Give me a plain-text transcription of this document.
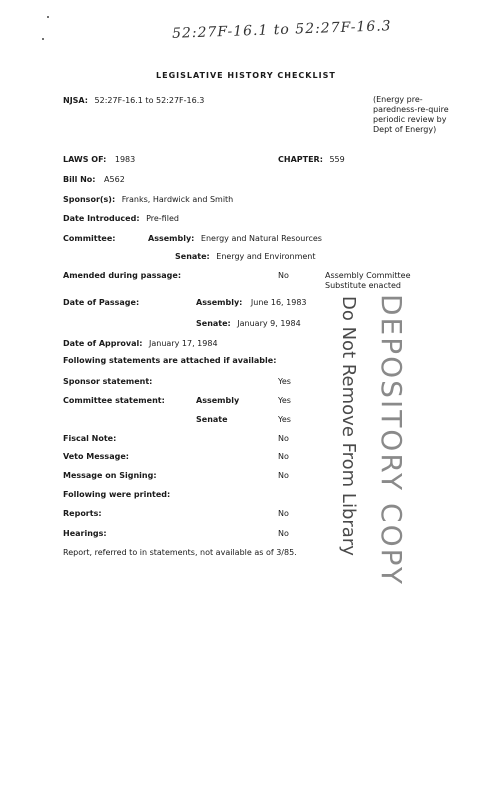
52:27F-16.1 to 52:27F-16.3
LEGISLATIVE HISTORY CHECKLIST
NJSA: 52:27F-16.1 to 52:27F-16.3	(Energy pre-paredness-re-quire periodic review by Dept of Energy)
LAWS OF: 1983	CHAPTER: 559
Bill No: A562
Sponsor(s): Franks, Hardwick and Smith
Date Introduced: Pre-filed
Committee:	Assembly: Energy and Natural Resources
Senate: Energy and Environment
Amended during passage:	No	Assembly Committee
Substitute enacted
Date of Passage:	Assembly: June 16, 1983
Senate: January 9, 1984
Date of Approval: January 17, 1984
Following statements are attached if available:
Sponsor statement:	Yes
Committee statement:	Assembly	Yes
Senate	Yes
Fiscal Note:	No
Veto Message:	No
Message on Signing:	No
Following were printed:
Reports:	No
Hearings:	No
Report, referred to in statements, not available as of 3/85. Do Not Remove From Library DEPOSITORY COPY
